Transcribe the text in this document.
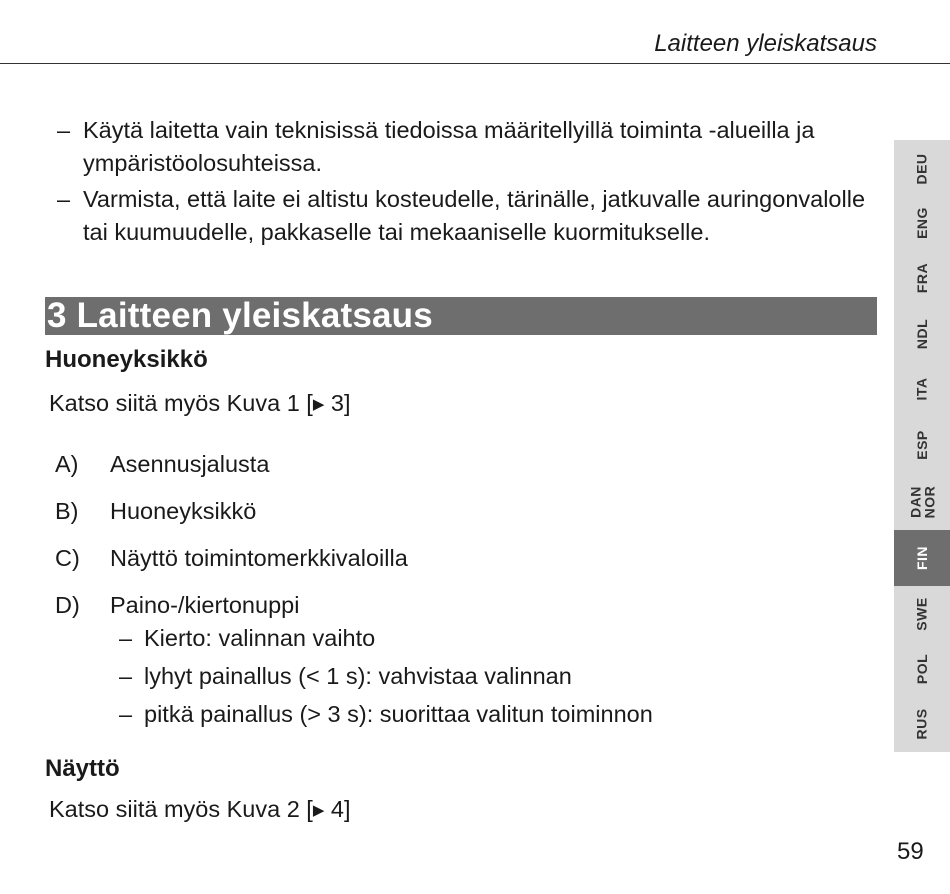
Laitteen yleiskatsaus
– Käytä laitetta vain teknisissä tiedoissa määritellyillä toiminta -alueilla ja ympäristöolosuhteissa.
– Varmista, että laite ei altistu kosteudelle, tärinälle, jatkuvalle auringonvalolle tai kuumuudelle, pakkaselle tai mekaaniselle kuormitukselle.
3 Laitteen yleiskatsaus
Huoneyksikkö
Katso siitä myös Kuva 1 [▶ 3]
A)	Asennusjalusta
B)	Huoneyksikkö
C)	Näyttö toimintomerkkivaloilla
D)	Paino-/kiertonuppi
– Kierto: valinnan vaihto
– lyhyt painallus (< 1 s): vahvistaa valinnan
– pitkä painallus (> 3 s): suorittaa valitun toiminnon
Näyttö
Katso siitä myös Kuva 2 [▶ 4]
DEU
ENG
FRA
NDL
ITA
ESP
DAN
NOR
FIN
SWE
POL
RUS
59
